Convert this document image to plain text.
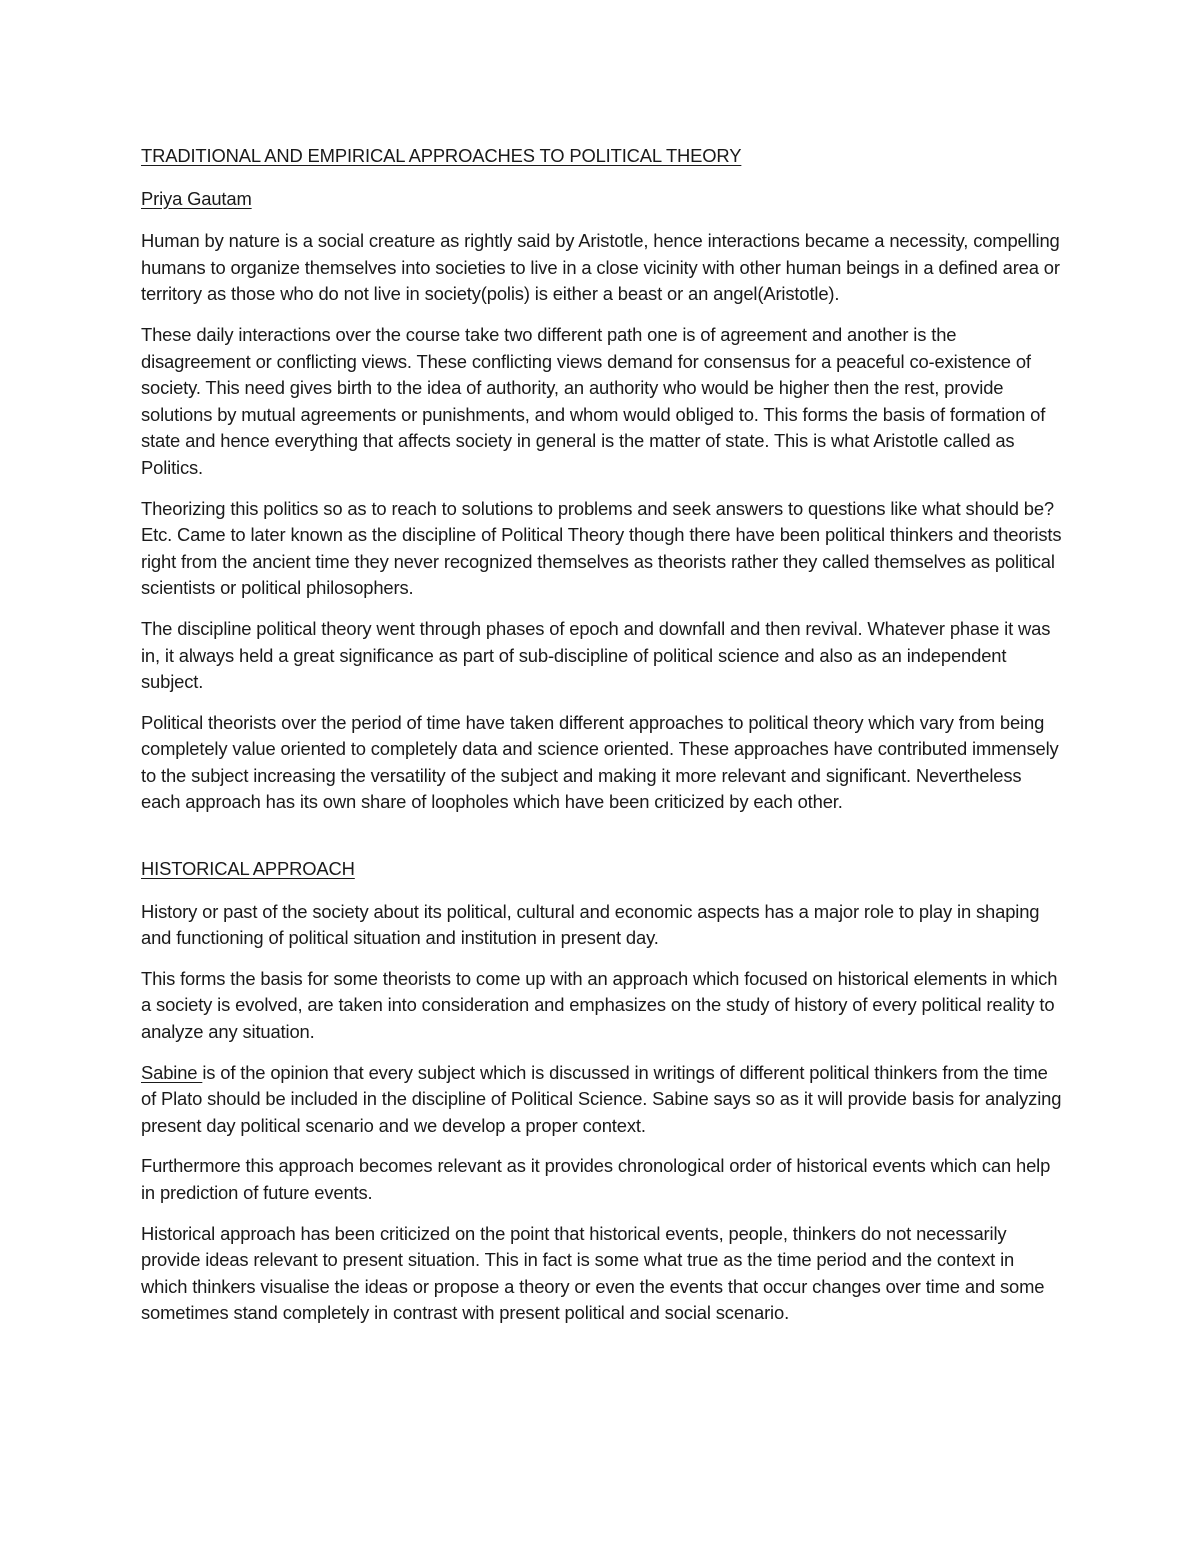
TRADITIONAL AND EMPIRICAL APPROACHES TO POLITICAL THEORY
Priya Gautam

Human by nature is a social creature as rightly said by Aristotle, hence interactions became a necessity, compelling humans to organize themselves into societies to live in a close vicinity with other human beings in a defined area or territory as those who do not live in society(polis) is either a beast or an angel(Aristotle).

These daily interactions over the course take two different path one is of agreement and another is the disagreement or conflicting views. These conflicting views demand for consensus for a peaceful co-existence of society. This need gives birth to the idea of authority, an authority who would be higher then the rest, provide solutions by mutual agreements or punishments, and whom would obliged to. This forms the basis of formation of state and hence everything that affects society in general is the matter of state. This is what Aristotle called as Politics.

Theorizing this politics so as to reach to solutions to problems and seek answers to questions like what should be? Etc. Came to later known as the discipline of Political Theory though there have been political thinkers and theorists right from the ancient time they never recognized themselves as theorists rather they called themselves as political scientists or political philosophers.

The discipline political theory went through phases of epoch and downfall and then revival. Whatever phase it was in, it always held a great significance as part of sub-discipline of political science and also as an independent subject.

Political theorists over the period of time have taken different approaches to political theory which vary from being completely value oriented to completely data and science oriented. These approaches have contributed immensely to the subject increasing the versatility of the subject and making it more relevant and significant. Nevertheless each approach has its own share of loopholes which have been criticized by each other.

HISTORICAL APPROACH

History or past of the society about its political, cultural and economic aspects has a major role to play in shaping and functioning of political situation and institution in present day.

This forms the basis for some theorists to come up with an approach which focused on historical elements in which a society is evolved, are taken into consideration and emphasizes on the study of history of every political reality to analyze any situation.

Sabine is of the opinion that every subject which is discussed in writings of different political thinkers from the time of Plato should be included in the discipline of Political Science. Sabine says so as it will provide basis for analyzing present day political scenario and we develop a proper context.

Furthermore this approach becomes relevant as it provides chronological order of historical events which can help in prediction of future events.

Historical approach has been criticized on the point that historical events, people, thinkers do not necessarily provide ideas relevant to present situation. This in fact is some what true as the time period and the context in which thinkers visualise the ideas or propose a theory or even the events that occur changes over time and some sometimes stand completely in contrast with present political and social scenario.
